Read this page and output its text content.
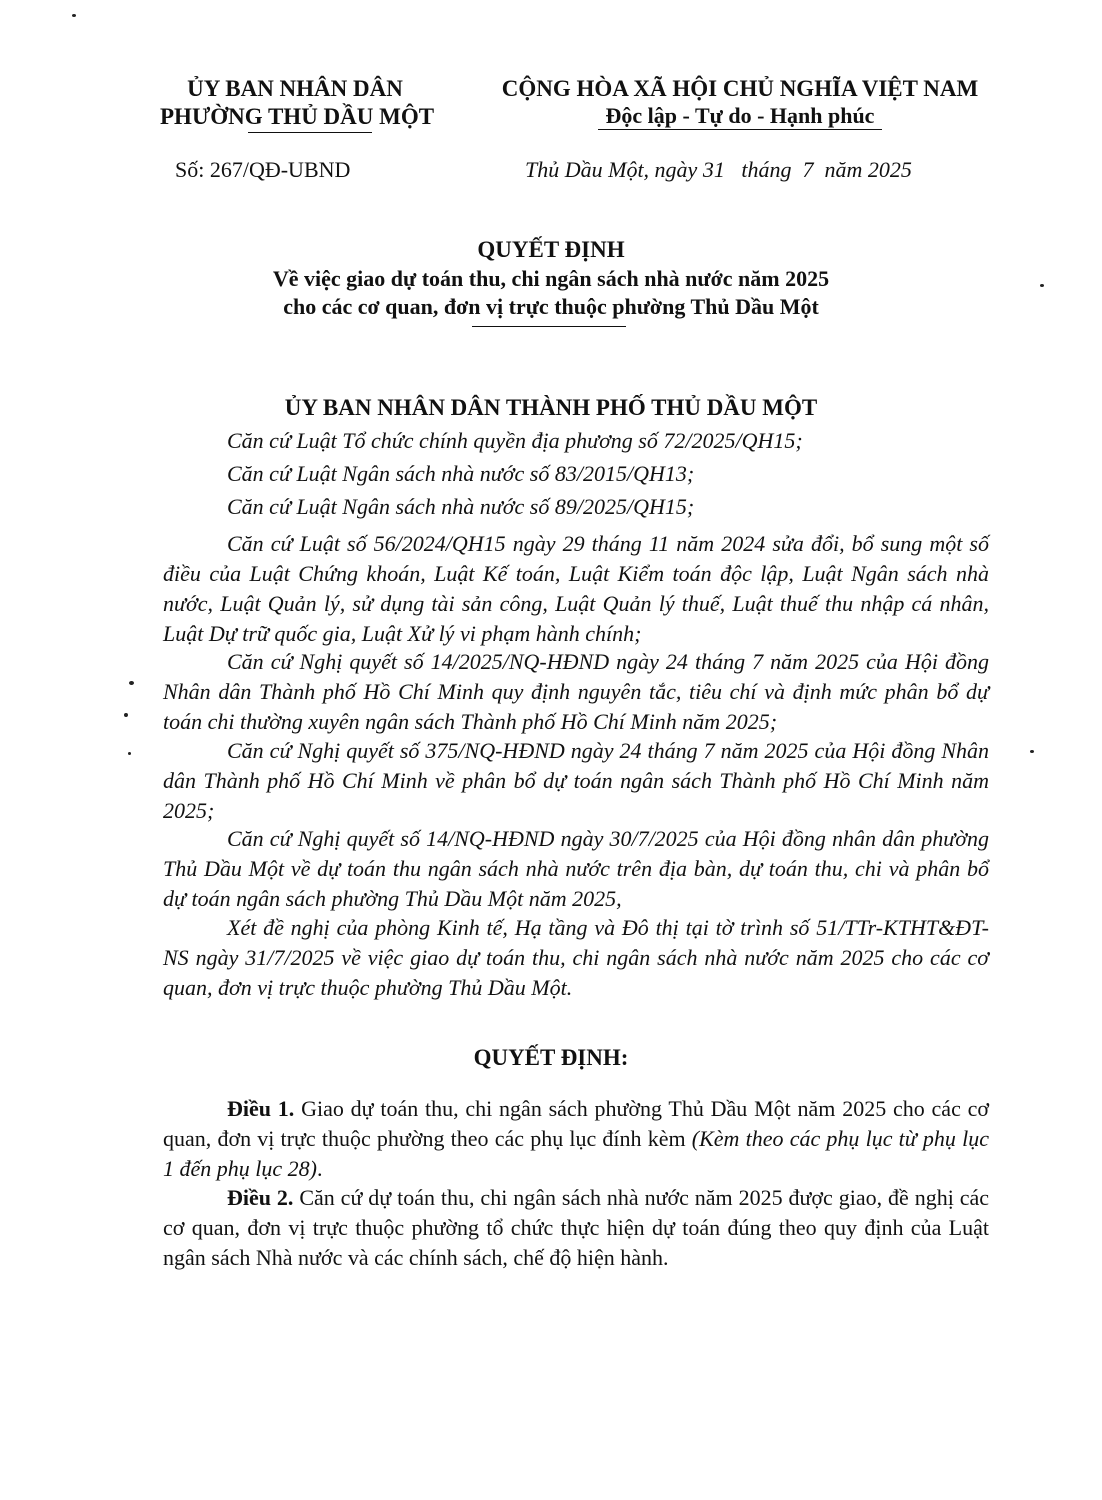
ỦY BAN NHÂN DÂN
PHƯỜNG THỦ DẦU MỘT
CỘNG HÒA XÃ HỘI CHỦ NGHĨA VIỆT NAM
Độc lập - Tự do - Hạnh phúc
Số: 267/QĐ-UBND	Thủ Dầu Một, ngày 31   tháng  7  năm 2025
QUYẾT ĐỊNH
Về việc giao dự toán thu, chi ngân sách nhà nước năm 2025
cho các cơ quan, đơn vị trực thuộc phường Thủ Dầu Một
ỦY BAN NHÂN DÂN THÀNH PHỐ THỦ DẦU MỘT
Căn cứ Luật Tổ chức chính quyền địa phương số 72/2025/QH15;
Căn cứ Luật Ngân sách nhà nước số 83/2015/QH13;
Căn cứ Luật Ngân sách nhà nước số 89/2025/QH15;
Căn cứ Luật số 56/2024/QH15 ngày 29 tháng 11 năm 2024 sửa đổi, bổ sung một số điều của Luật Chứng khoán, Luật Kế toán, Luật Kiểm toán độc lập, Luật Ngân sách nhà nước, Luật Quản lý, sử dụng tài sản công, Luật Quản lý thuế, Luật thuế thu nhập cá nhân, Luật Dự trữ quốc gia, Luật Xử lý vi phạm hành chính;
Căn cứ Nghị quyết số 14/2025/NQ-HĐND ngày 24 tháng 7 năm 2025 của Hội đồng Nhân dân Thành phố Hồ Chí Minh quy định nguyên tắc, tiêu chí và định mức phân bổ dự toán chi thường xuyên ngân sách Thành phố Hồ Chí Minh năm 2025;
Căn cứ Nghị quyết số 375/NQ-HĐND ngày 24 tháng 7 năm 2025 của Hội đồng Nhân dân Thành phố Hồ Chí Minh về phân bổ dự toán ngân sách Thành phố Hồ Chí Minh năm 2025;
Căn cứ Nghị quyết số 14/NQ-HĐND ngày 30/7/2025 của Hội đồng nhân dân phường Thủ Dầu Một về dự toán thu ngân sách nhà nước trên địa bàn, dự toán thu, chi và phân bổ dự toán ngân sách phường Thủ Dầu Một năm 2025,
Xét đề nghị của phòng Kinh tế, Hạ tầng và Đô thị tại tờ trình số 51/TTr-KTHT&ĐT-NS ngày 31/7/2025 về việc giao dự toán thu, chi ngân sách nhà nước năm 2025 cho các cơ quan, đơn vị trực thuộc phường Thủ Dầu Một.
QUYẾT ĐỊNH:
Điều 1. Giao dự toán thu, chi ngân sách phường Thủ Dầu Một năm 2025 cho các cơ quan, đơn vị trực thuộc phường theo các phụ lục đính kèm (Kèm theo các phụ lục từ phụ lục 1 đến phụ lục 28).
Điều 2. Căn cứ dự toán thu, chi ngân sách nhà nước năm 2025 được giao, đề nghị các cơ quan, đơn vị trực thuộc phường tổ chức thực hiện dự toán đúng theo quy định của Luật ngân sách Nhà nước và các chính sách, chế độ hiện hành.
